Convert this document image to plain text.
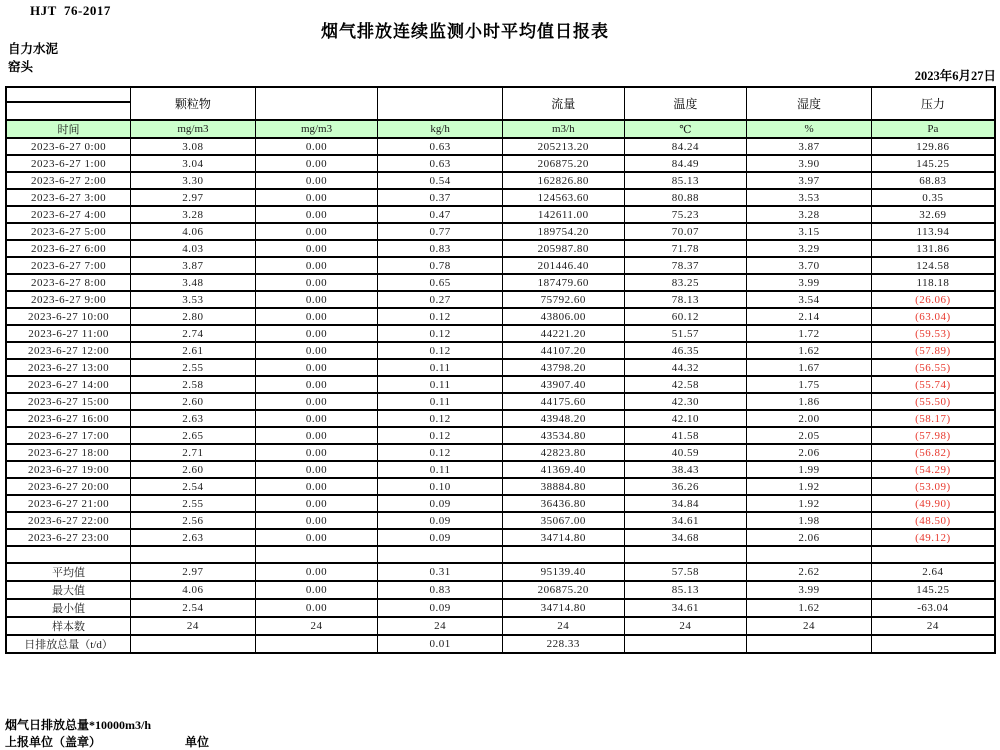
HJT  76-2017
烟气排放连续监测小时平均值日报表
自力水泥
窑头
2023年6月27日
	颗粒物			流量	温度	湿度	压力

时间	mg/m3	mg/m3	kg/h	m3/h	℃	%	Pa
2023-6-27 0:00	3.08	0.00	0.63	205213.20	84.24	3.87	129.86
2023-6-27 1:00	3.04	0.00	0.63	206875.20	84.49	3.90	145.25
2023-6-27 2:00	3.30	0.00	0.54	162826.80	85.13	3.97	68.83
2023-6-27 3:00	2.97	0.00	0.37	124563.60	80.88	3.53	0.35
2023-6-27 4:00	3.28	0.00	0.47	142611.00	75.23	3.28	32.69
2023-6-27 5:00	4.06	0.00	0.77	189754.20	70.07	3.15	113.94
2023-6-27 6:00	4.03	0.00	0.83	205987.80	71.78	3.29	131.86
2023-6-27 7:00	3.87	0.00	0.78	201446.40	78.37	3.70	124.58
2023-6-27 8:00	3.48	0.00	0.65	187479.60	83.25	3.99	118.18
2023-6-27 9:00	3.53	0.00	0.27	75792.60	78.13	3.54	(26.06)
2023-6-27 10:00	2.80	0.00	0.12	43806.00	60.12	2.14	(63.04)
2023-6-27 11:00	2.74	0.00	0.12	44221.20	51.57	1.72	(59.53)
2023-6-27 12:00	2.61	0.00	0.12	44107.20	46.35	1.62	(57.89)
2023-6-27 13:00	2.55	0.00	0.11	43798.20	44.32	1.67	(56.55)
2023-6-27 14:00	2.58	0.00	0.11	43907.40	42.58	1.75	(55.74)
2023-6-27 15:00	2.60	0.00	0.11	44175.60	42.30	1.86	(55.50)
2023-6-27 16:00	2.63	0.00	0.12	43948.20	42.10	2.00	(58.17)
2023-6-27 17:00	2.65	0.00	0.12	43534.80	41.58	2.05	(57.98)
2023-6-27 18:00	2.71	0.00	0.12	42823.80	40.59	2.06	(56.82)
2023-6-27 19:00	2.60	0.00	0.11	41369.40	38.43	1.99	(54.29)
2023-6-27 20:00	2.54	0.00	0.10	38884.80	36.26	1.92	(53.09)
2023-6-27 21:00	2.55	0.00	0.09	36436.80	34.84	1.92	(49.90)
2023-6-27 22:00	2.56	0.00	0.09	35067.00	34.61	1.98	(48.50)
2023-6-27 23:00	2.63	0.00	0.09	34714.80	34.68	2.06	(49.12)

平均值	2.97	0.00	0.31	95139.40	57.58	2.62	2.64
最大值	4.06	0.00	0.83	206875.20	85.13	3.99	145.25
最小值	2.54	0.00	0.09	34714.80	34.61	1.62	-63.04
样本数	24	24	24	24	24	24	24
日排放总量（t/d）			0.01	228.33			
烟气日排放总量*10000m3/h
上报单位（盖章）	单位
